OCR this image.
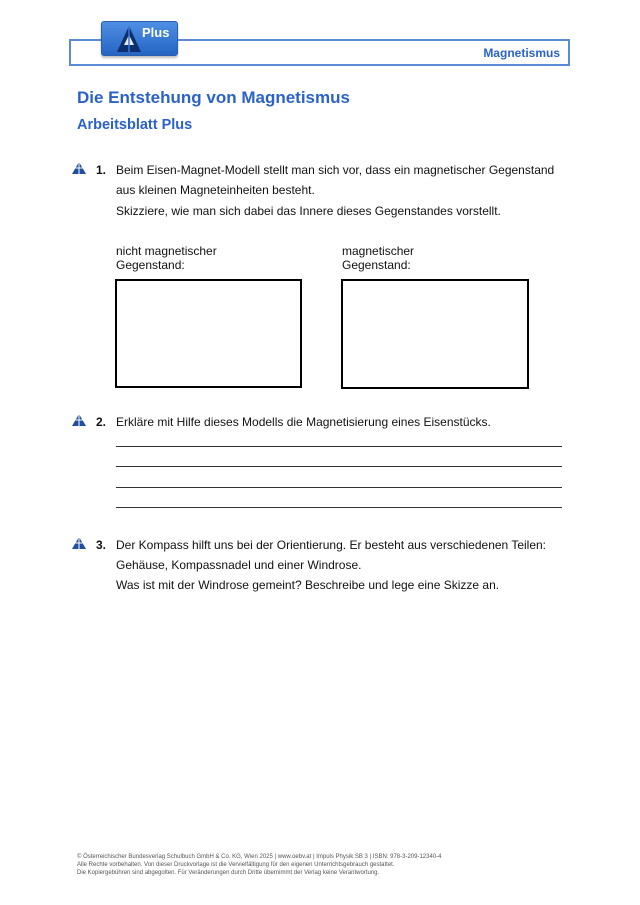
Magnetismus
Plus
Die Entstehung von Magnetismus
Arbeitsblatt Plus
1. Beim Eisen-Magnet-Modell stellt man sich vor, dass ein magnetischer Gegenstand
aus kleinen Magneteinheiten besteht.
Skizziere, wie man sich dabei das Innere dieses Gegenstandes vorstellt.
nicht magnetischer
Gegenstand:
magnetischer
Gegenstand:
2. Erkläre mit Hilfe dieses Modells die Magnetisierung eines Eisenstücks.
3. Der Kompass hilft uns bei der Orientierung. Er besteht aus verschiedenen Teilen:
Gehäuse, Kompassnadel und einer Windrose.
Was ist mit der Windrose gemeint? Beschreibe und lege eine Skizze an.
© Österreichischer Bundesverlag Schulbuch GmbH & Co. KG, Wien 2025 | www.oebv.at | Impuls Physik SB 3 | ISBN: 978-3-209-12340-4
Alle Rechte vorbehalten. Von dieser Druckvorlage ist die Vervielfältigung für den eigenen Unterrichtsgebrauch gestattet.
Die Kopiergebühren sind abgegolten. Für Veränderungen durch Dritte übernimmt der Verlag keine Verantwortung.
